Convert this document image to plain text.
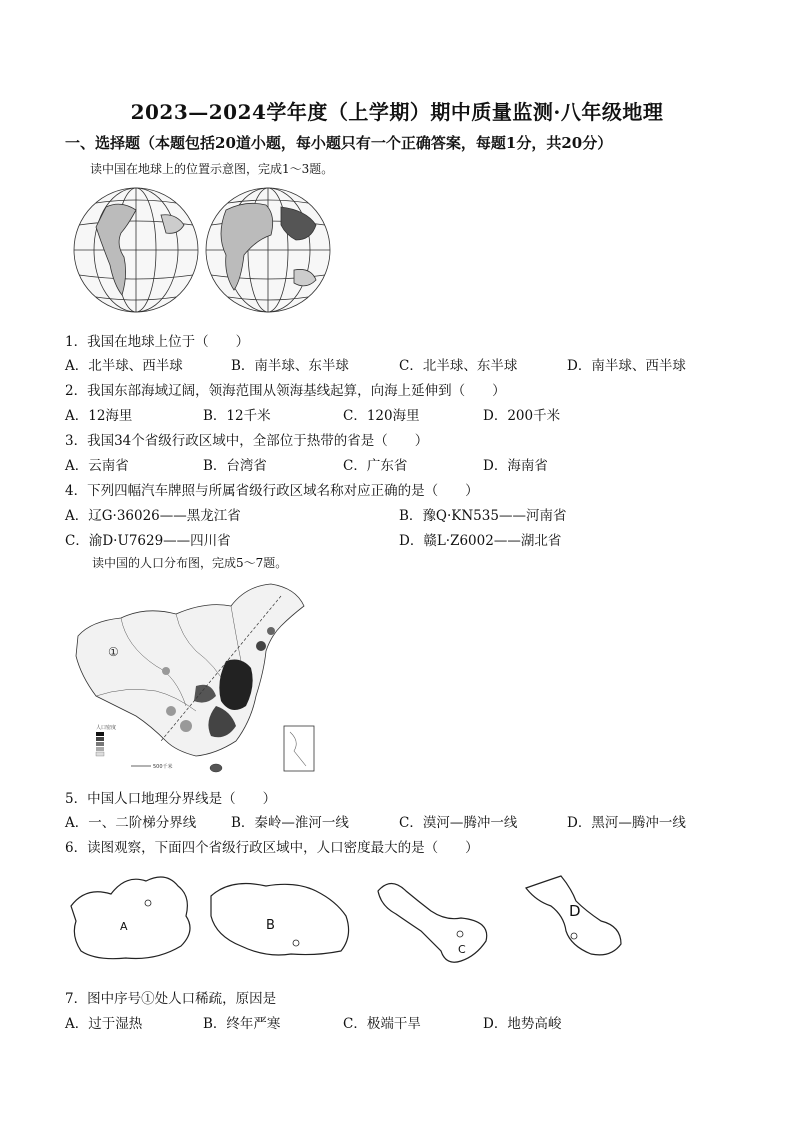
2023—2024学年度（上学期）期中质量监测·八年级地理
一、选择题（本题包括20道小题，每小题只有一个正确答案，每题1分，共20分）
读中国在地球上的位置示意图，完成1～3题。
1．我国在地球上位于（　　）
A．北半球、西半球	B．南半球、东半球	C．北半球、东半球	D．南半球、西半球
2．我国东部海域辽阔，领海范围从领海基线起算，向海上延伸到（　　）
A．12海里	B．12千米	C．120海里	D．200千米
3．我国34个省级行政区域中，全部位于热带的省是（　　）
A．云南省	B．台湾省	C．广东省	D．海南省
4．下列四幅汽车牌照与所属省级行政区域名称对应正确的是（　　）
A．辽G·36026——黑龙江省	B．豫Q·KN535——河南省
C．渝D·U7629——四川省	D．赣L·Z6002——湖北省
读中国的人口分布图，完成5～7题。
①
人口密度
500千米
5．中国人口地理分界线是（　　）
A．一、二阶梯分界线	B．秦岭—淮河一线	C．漠河—腾冲一线	D．黑河—腾冲一线
6．读图观察，下面四个省级行政区域中，人口密度最大的是（　　）
A	B
C
D
7．图中序号①处人口稀疏，原因是
A．过于湿热	B．终年严寒	C．极端干旱	D．地势高峻
